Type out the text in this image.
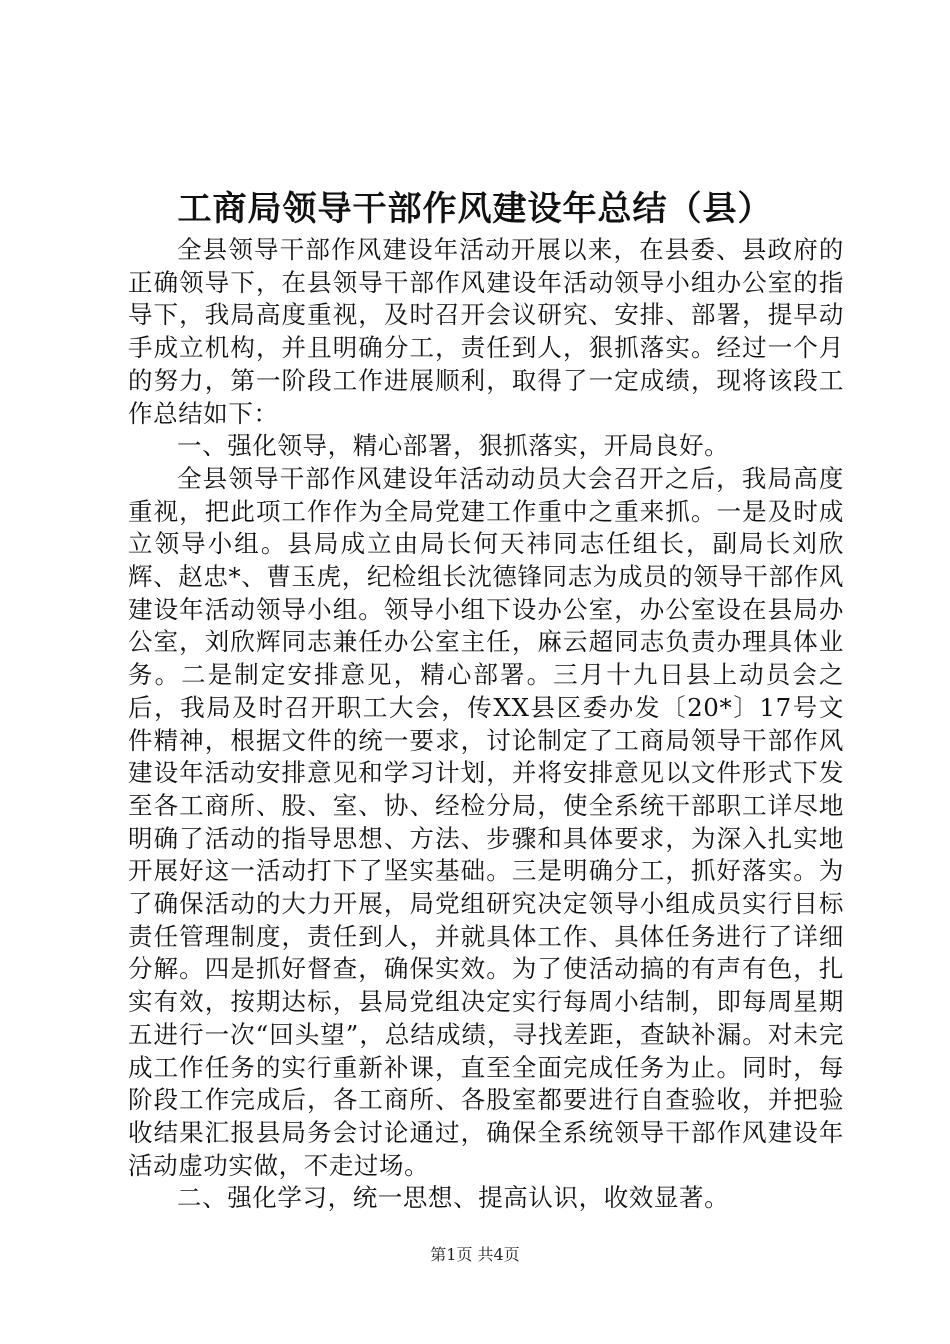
工商局领导干部作风建设年总结（县）

全县领导干部作风建设年活动开展以来，在县委、县政府的正确领导下，在县领导干部作风建设年活动领导小组办公室的指导下，我局高度重视，及时召开会议研究、安排、部署，提早动手成立机构，并且明确分工，责任到人，狠抓落实。经过一个月的努力，第一阶段工作进展顺利，取得了一定成绩，现将该段工作总结如下：

一、强化领导，精心部署，狠抓落实，开局良好。

全县领导干部作风建设年活动动员大会召开之后，我局高度重视，把此项工作作为全局党建工作重中之重来抓。一是及时成立领导小组。县局成立由局长何天祎同志任组长，副局长刘欣辉、赵忠*、曹玉虎，纪检组长沈德锋同志为成员的领导干部作风建设年活动领导小组。领导小组下设办公室，办公室设在县局办公室，刘欣辉同志兼任办公室主任，麻云超同志负责办理具体业务。二是制定安排意见，精心部署。三月十九日县上动员会之后，我局及时召开职工大会，传XX县区委办发〔20*〕17号文件精神，根据文件的统一要求，讨论制定了工商局领导干部作风建设年活动安排意见和学习计划，并将安排意见以文件形式下发至各工商所、股、室、协、经检分局，使全系统干部职工详尽地明确了活动的指导思想、方法、步骤和具体要求，为深入扎实地开展好这一活动打下了坚实基础。三是明确分工，抓好落实。为了确保活动的大力开展，局党组研究决定领导小组成员实行目标责任管理制度，责任到人，并就具体工作、具体任务进行了详细分解。四是抓好督查，确保实效。为了使活动搞的有声有色，扎实有效，按期达标，县局党组决定实行每周小结制，即每周星期五进行一次“回头望”，总结成绩，寻找差距，查缺补漏。对未完成工作任务的实行重新补课，直至全面完成任务为止。同时，每阶段工作完成后，各工商所、各股室都要进行自查验收，并把验收结果汇报县局务会讨论通过，确保全系统领导干部作风建设年活动虚功实做，不走过场。

二、强化学习，统一思想、提高认识，收效显著。

第1页 共4页
